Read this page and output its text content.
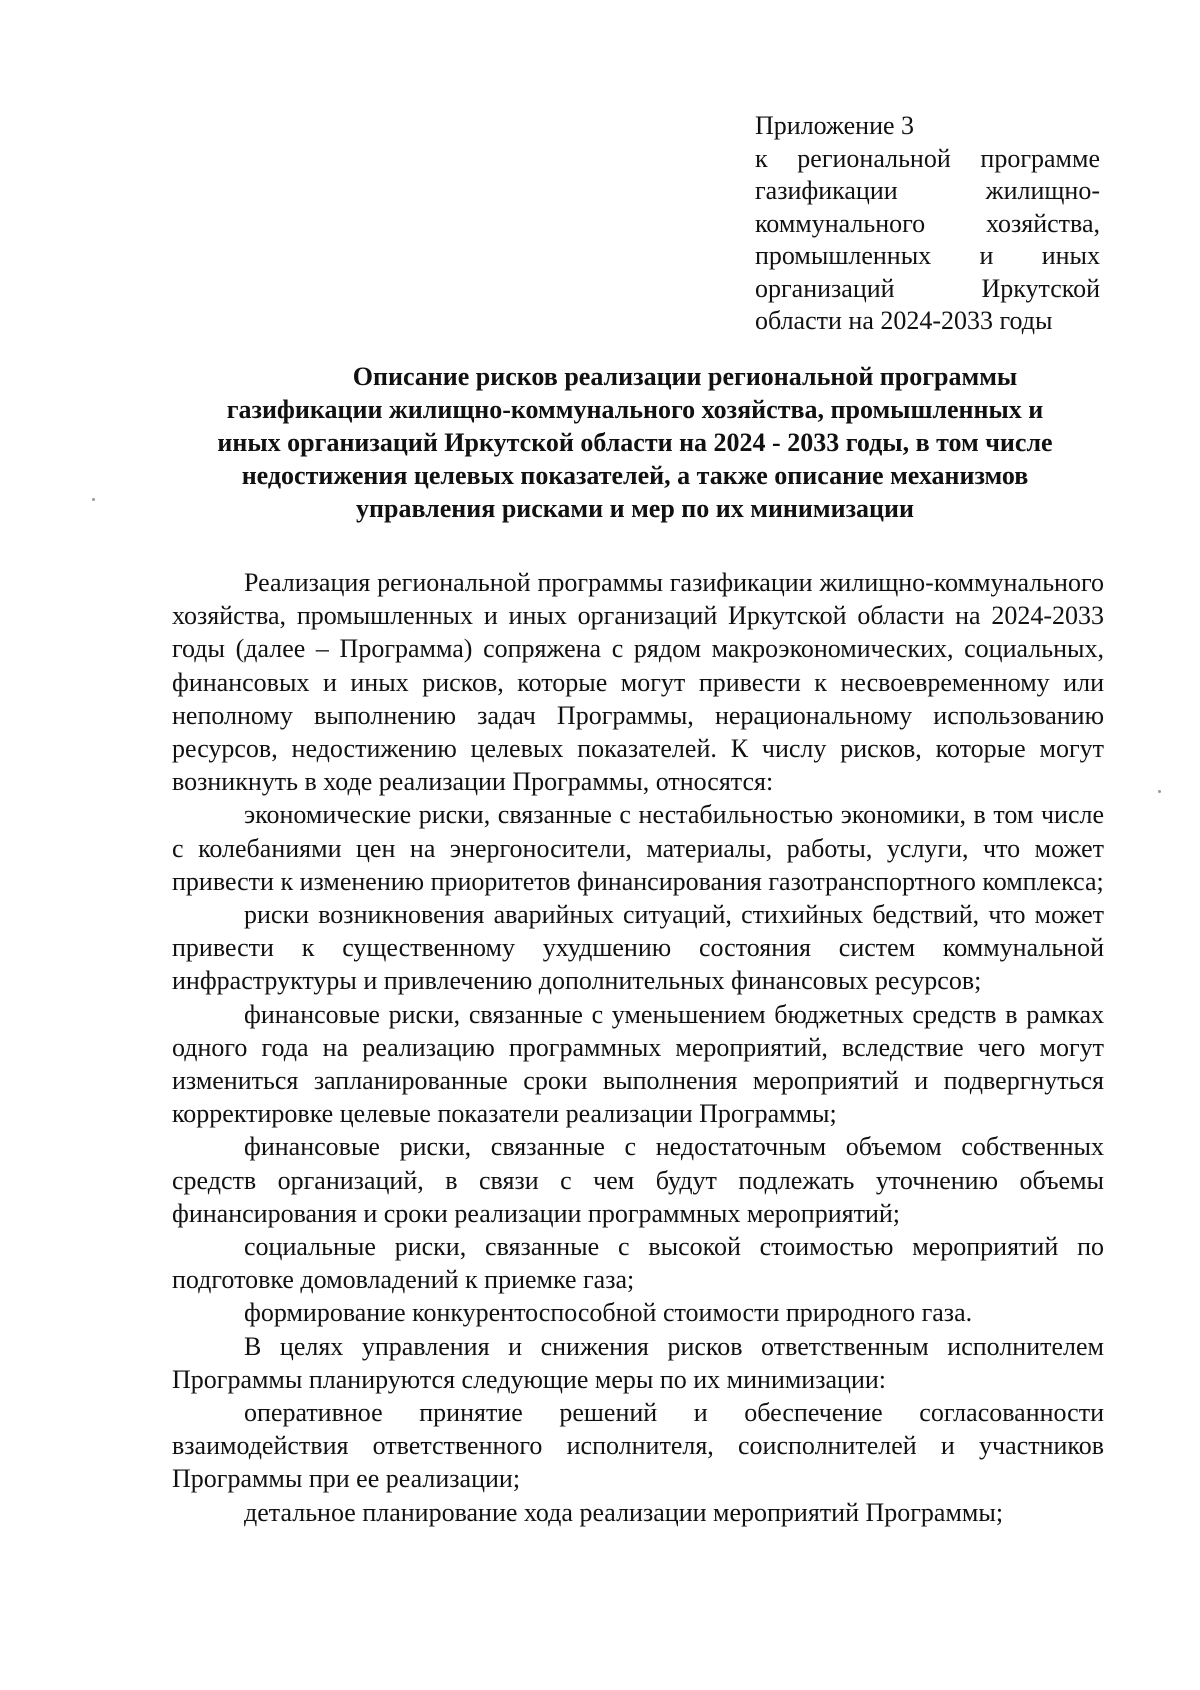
Приложение 3
к региональной программе
газификации жилищно-
коммунального хозяйства,
промышленных и иных
организаций Иркутской
области на 2024-2033 годы
Описание рисков реализации региональной программы
газификации жилищно-коммунального хозяйства, промышленных и
иных организаций Иркутской области на 2024 - 2033 годы, в том числе
недостижения целевых показателей, а также описание механизмов
управления рисками и мер по их минимизации

Реализация региональной программы газификации жилищно-коммунального хозяйства, промышленных и иных организаций Иркутской области на 2024-2033 годы (далее – Программа) сопряжена с рядом макроэкономических, социальных, финансовых и иных рисков, которые могут привести к несвоевременному или неполному выполнению задач Программы, нерациональному использованию ресурсов, недостижению целевых показателей. К числу рисков, которые могут возникнуть в ходе реализации Программы, относятся:

экономические риски, связанные с нестабильностью экономики, в том числе с колебаниями цен на энергоносители, материалы, работы, услуги, что может привести к изменению приоритетов финансирования газотранспортного комплекса;

риски возникновения аварийных ситуаций, стихийных бедствий, что может привести к существенному ухудшению состояния систем коммунальной инфраструктуры и привлечению дополнительных финансовых ресурсов;

финансовые риски, связанные с уменьшением бюджетных средств в рамках одного года на реализацию программных мероприятий, вследствие чего могут измениться запланированные сроки выполнения мероприятий и подвергнуться корректировке целевые показатели реализации Программы;

финансовые риски, связанные с недостаточным объемом собственных средств организаций, в связи с чем будут подлежать уточнению объемы финансирования и сроки реализации программных мероприятий;

социальные риски, связанные с высокой стоимостью мероприятий по подготовке домовладений к приемке газа;

формирование конкурентоспособной стоимости природного газа.

В целях управления и снижения рисков ответственным исполнителем Программы планируются следующие меры по их минимизации:

оперативное принятие решений и обеспечение согласованности взаимодействия ответственного исполнителя, соисполнителей и участников Программы при ее реализации;

детальное планирование хода реализации мероприятий Программы;
